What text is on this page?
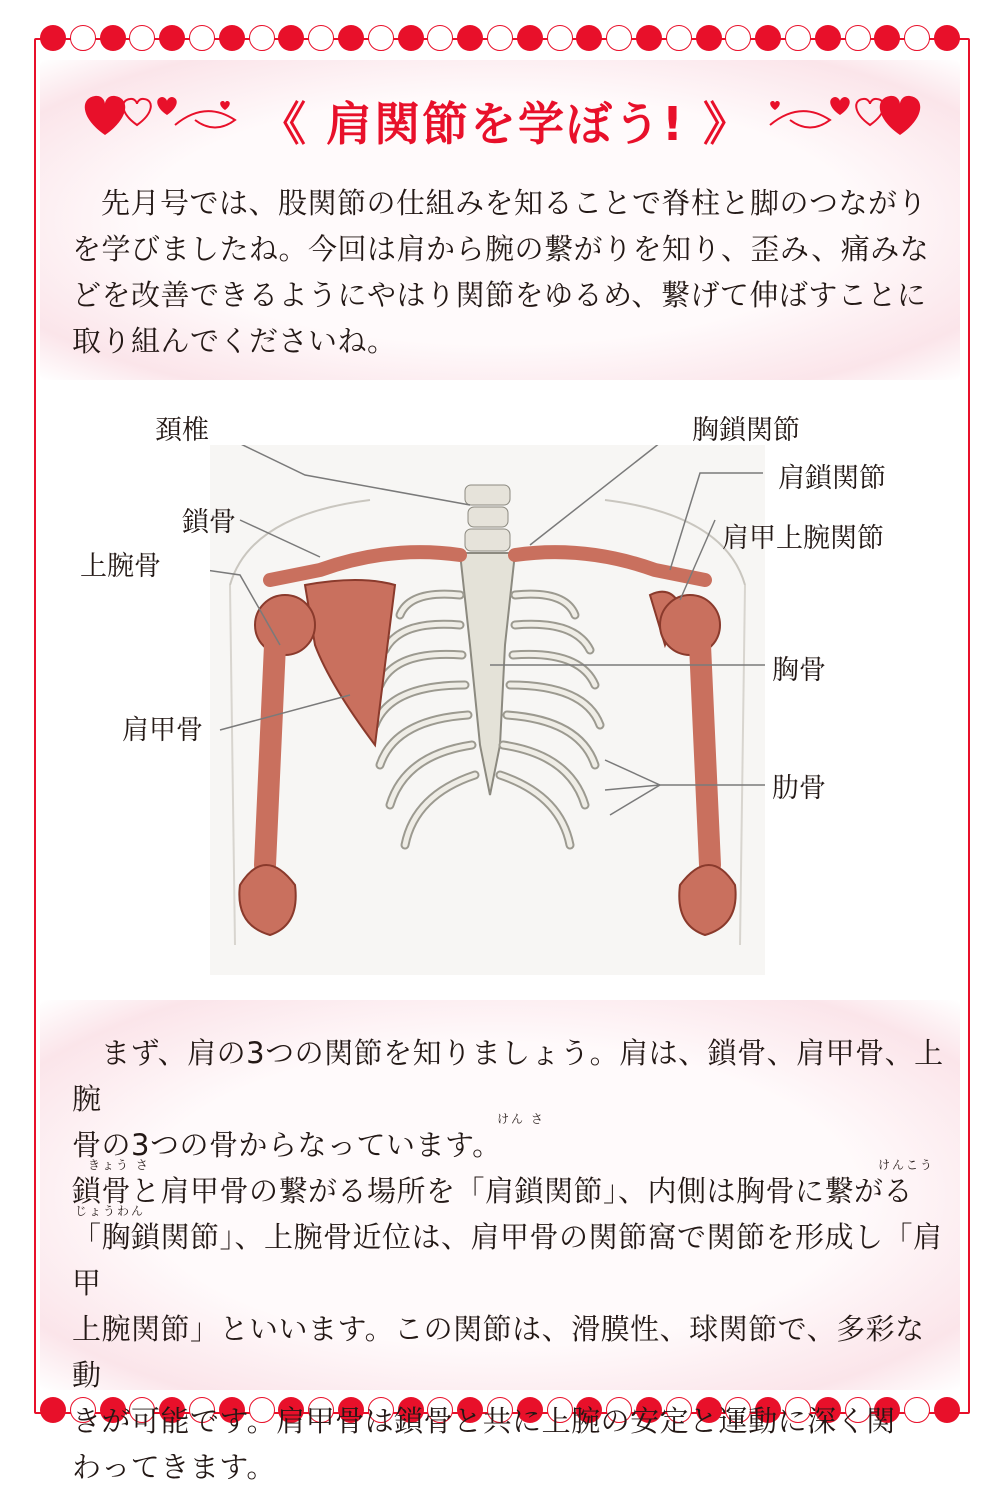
《 肩関節を学ぼう! 》

先月号では、股関節の仕組みを知ることで脊柱と脚のつながりを学びましたね。今回は肩から腕の繋がりを知り、歪み、痛みなどを改善できるようにやはり関節をゆるめ、繋げて伸ばすことに取り組んでくださいね。

頚椎	胸鎖関節
肩鎖関節
鎖骨
肩甲上腕関節
上腕骨
胸骨
肩甲骨
肋骨

まず、肩の3つの関節を知りましょう。肩は、鎖骨、肩甲骨、上腕

骨の3つの骨からなっています。

鎖骨と肩甲骨の繋がる場所を「肩鎖関節」、内側は胸骨に繋がる

「胸鎖関節」、上腕骨近位は、肩甲骨の関節窩で関節を形成し「肩甲

上腕関節」といいます。この関節は、滑膜性、球関節で、多彩な動

きが可能です。肩甲骨は鎖骨と共に上腕の安定と運動に深く関

わってきます。

けん さ
きょう さ	けんこう
じょうわん
